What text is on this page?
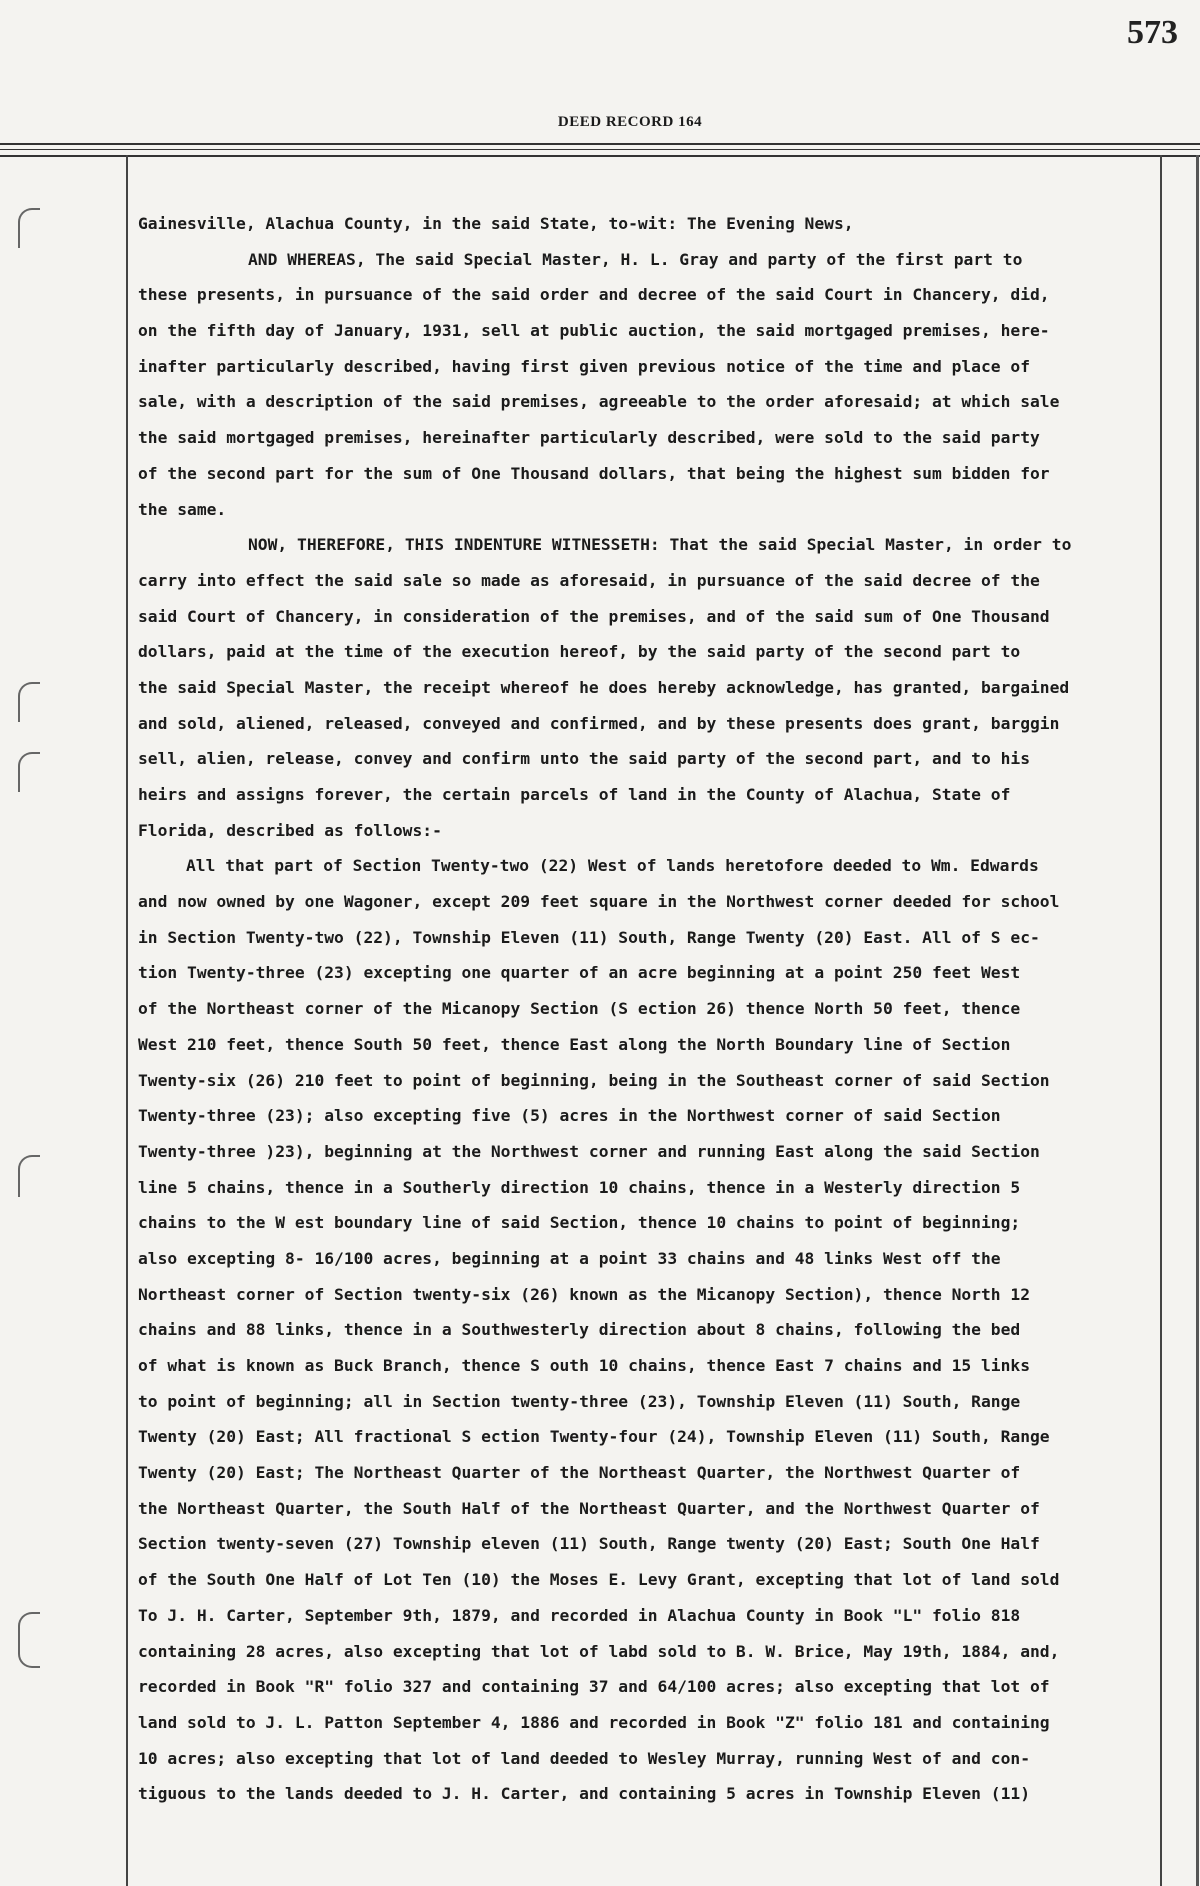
573
DEED RECORD 164
Gainesville, Alachua County, in the said State, to-wit: The Evening News,
AND WHEREAS, The said Special Master, H. L. Gray and party of the first part to
these presents, in pursuance of the said order and decree of the said Court in Chancery, did,
on the fifth day of January, 1931, sell at public auction, the said mortgaged premises, here-
inafter particularly described, having first given previous notice of the time and place of
sale, with a description of the said premises, agreeable to the order aforesaid; at which sale
the said mortgaged premises, hereinafter particularly described, were sold to the said party
of the second part for the sum of One Thousand dollars, that being the highest sum bidden for
the same.
NOW, THEREFORE, THIS INDENTURE WITNESSETH: That the said Special Master, in order to
carry into effect the said sale so made as aforesaid, in pursuance of the said decree of the
said Court of Chancery, in consideration of the premises, and of the said sum of One Thousand
dollars, paid at the time of the execution hereof, by the said party of the second part to
the said Special Master, the receipt whereof he does hereby acknowledge, has granted, bargained
and sold, aliened, released, conveyed and confirmed, and by these presents does grant, barggin
sell, alien, release, convey and confirm unto the said party of the second part, and to his
heirs and assigns forever, the certain parcels of land in the County of Alachua, State of
Florida, described as follows:-
All that part of Section Twenty-two (22) West of lands heretofore deeded to Wm. Edwards
and now owned by one Wagoner, except 209 feet square in the Northwest corner deeded for school
in Section Twenty-two (22), Township Eleven (11) South, Range Twenty (20) East. All of S ec-
tion Twenty-three (23) excepting one quarter of an acre beginning at a point 250 feet West
of the Northeast corner of the Micanopy Section (S ection 26) thence North 50 feet, thence
West 210 feet, thence South 50 feet, thence East along the North Boundary line of Section
Twenty-six (26) 210 feet to point of beginning, being in the Southeast corner of said Section
Twenty-three (23); also excepting five (5) acres in the Northwest corner of said Section
Twenty-three )23), beginning at the Northwest corner and running East along the said Section
line 5 chains, thence in a Southerly direction 10 chains, thence in a Westerly direction 5
chains to the W est boundary line of said Section, thence 10 chains to point of beginning;
also excepting 8- 16/100 acres, beginning at a point 33 chains and 48 links West off the
Northeast corner of Section twenty-six (26) known as the Micanopy Section), thence North 12
chains and 88 links, thence in a Southwesterly direction about 8 chains, following the bed
of what is known as Buck Branch, thence S outh 10 chains, thence East 7 chains and 15 links
to point of beginning; all in Section twenty-three (23), Township Eleven (11) South, Range
Twenty (20) East; All fractional S ection Twenty-four (24), Township Eleven (11) South, Range
Twenty (20) East; The Northeast Quarter of the Northeast Quarter, the Northwest Quarter of
the Northeast Quarter, the South Half of the Northeast Quarter, and the Northwest Quarter of
Section twenty-seven (27) Township eleven (11) South, Range twenty (20) East; South One Half
of the South One Half of Lot Ten (10) the Moses E. Levy Grant, excepting that lot of land sold
To J. H. Carter, September 9th, 1879, and recorded in Alachua County in Book "L" folio 818
containing 28 acres, also excepting that lot of labd sold to B. W. Brice, May 19th, 1884, and,
recorded in Book "R" folio 327 and containing 37 and 64/100 acres; also excepting that lot of
land sold to J. L. Patton September 4, 1886 and recorded in Book "Z" folio 181 and containing
10 acres; also excepting that lot of land deeded to Wesley Murray, running West of and con-
tiguous to the lands deeded to J. H. Carter, and containing 5 acres in Township Eleven (11)
